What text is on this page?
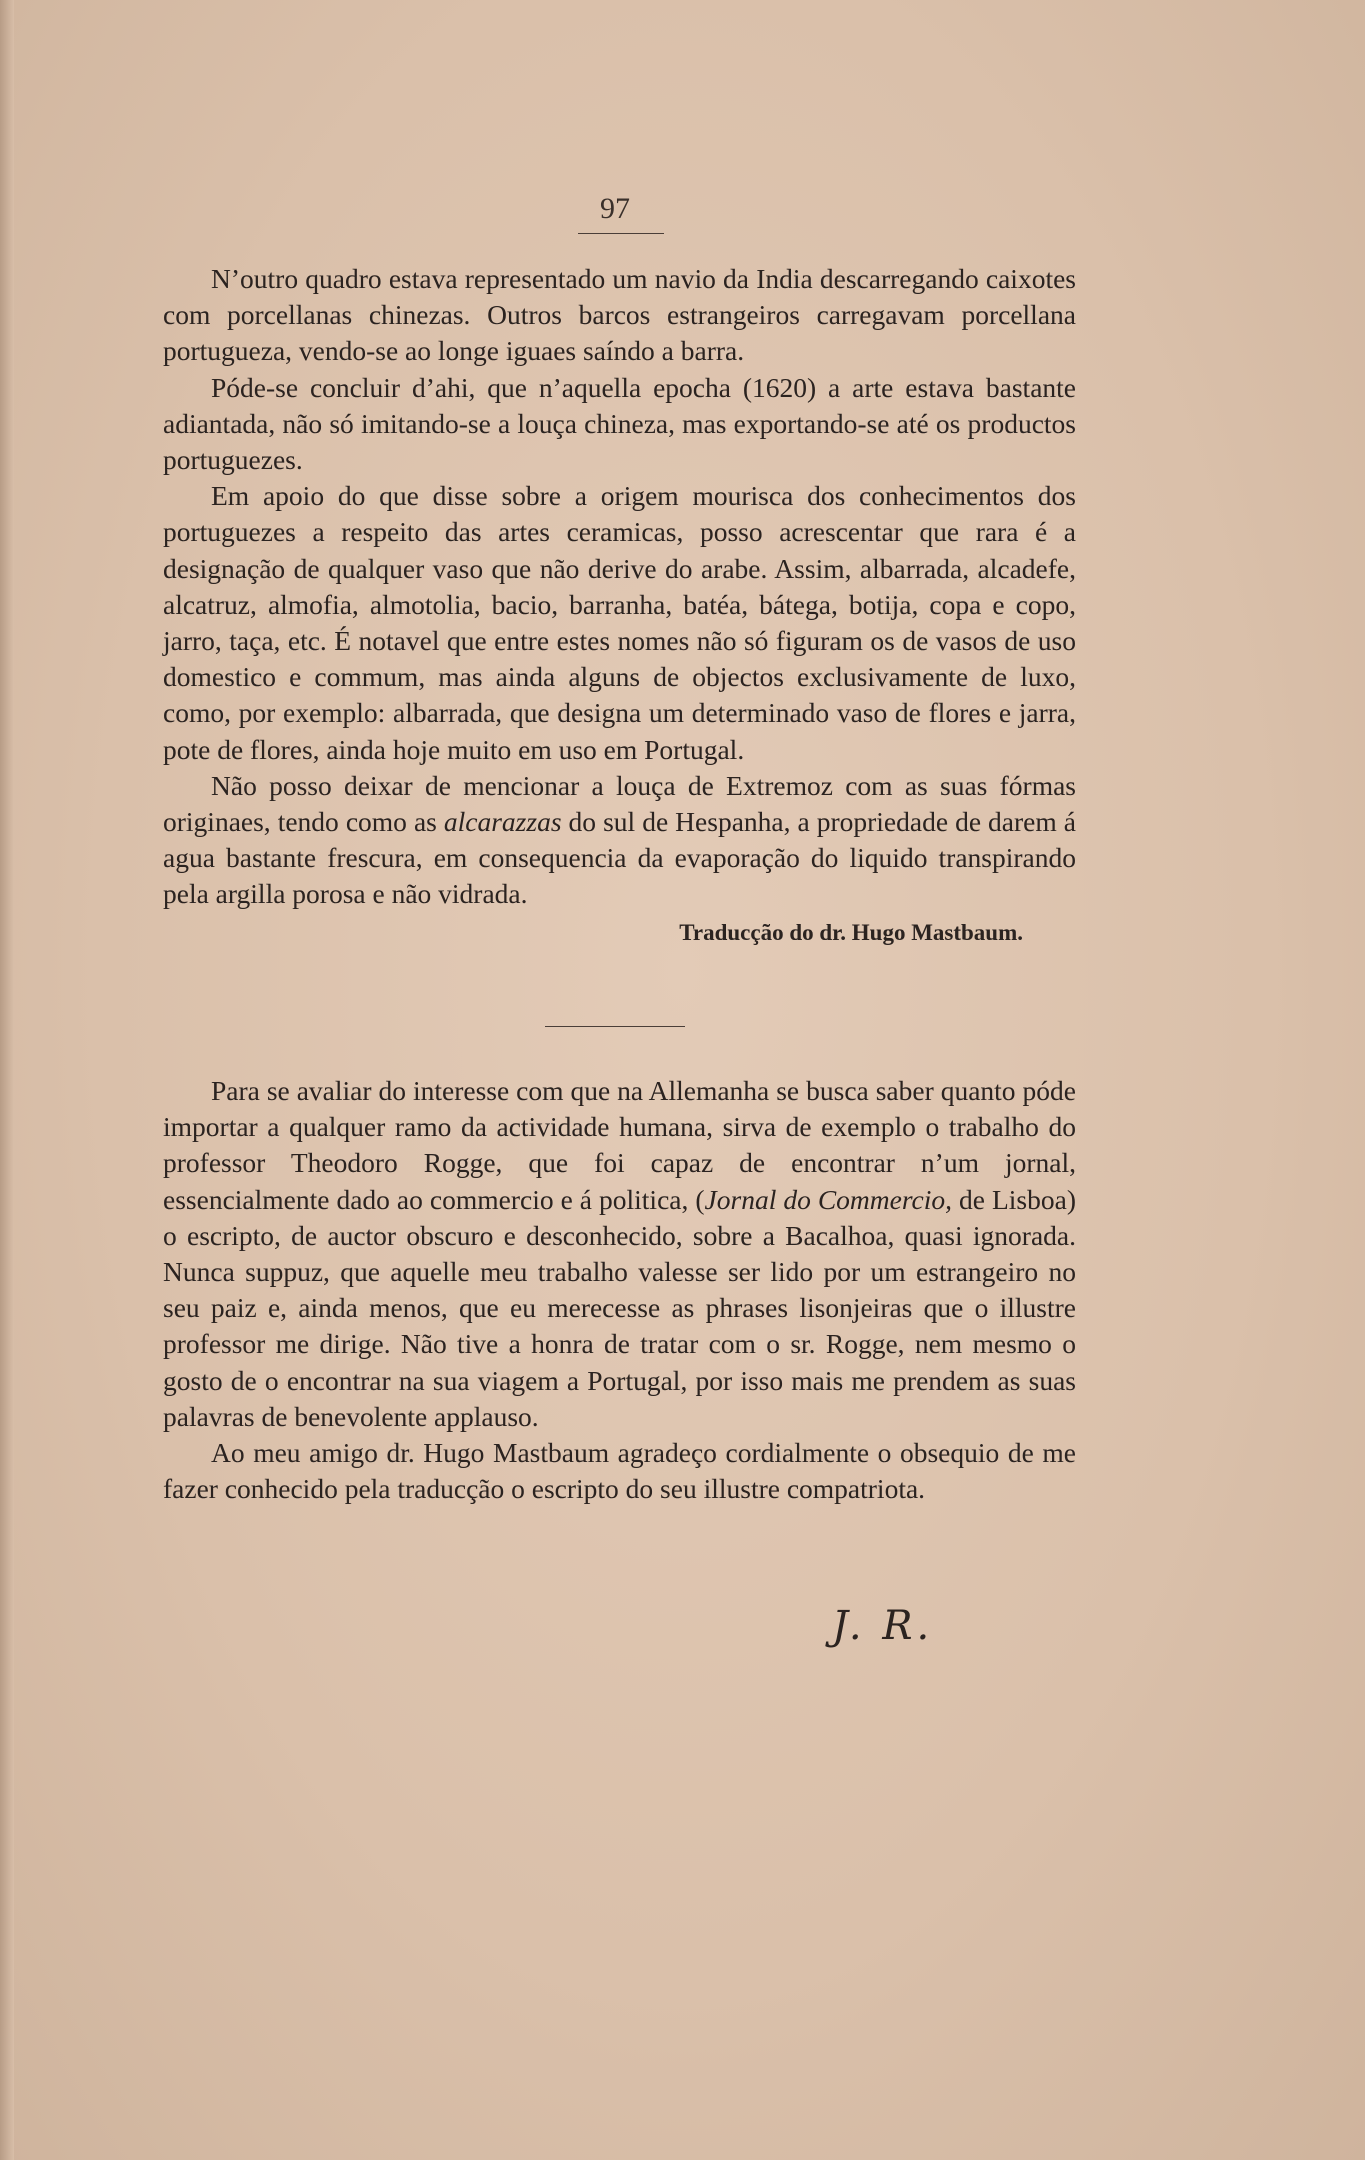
97

N’outro quadro estava representado um navio da India descarregando caixotes com porcellanas chinezas. Outros barcos estrangeiros carregavam porcellana portugueza, vendo-se ao longe iguaes saíndo a barra.

Póde-se concluir d’ahi, que n’aquella epocha (1620) a arte estava bastante adiantada, não só imitando-se a louça chineza, mas exportando-se até os productos portuguezes.

Em apoio do que disse sobre a origem mourisca dos conhecimentos dos portuguezes a respeito das artes ceramicas, posso acrescentar que rara é a designação de qualquer vaso que não derive do arabe. Assim, albarrada, alcadefe, alcatruz, almofia, almotolia, bacio, barranha, batéa, bátega, botija, copa e copo, jarro, taça, etc. É notavel que entre estes nomes não só figuram os de vasos de uso domestico e commum, mas ainda alguns de objectos exclusivamente de luxo, como, por exemplo: albarrada, que designa um determinado vaso de flores e jarra, pote de flores, ainda hoje muito em uso em Portugal.

Não posso deixar de mencionar a louça de Extremoz com as suas fórmas originaes, tendo como as alcarazzas do sul de Hespanha, a propriedade de darem á agua bastante frescura, em consequencia da evaporação do liquido transpirando pela argilla porosa e não vidrada.

Traducção do dr. Hugo Mastbaum.

Para se avaliar do interesse com que na Allemanha se busca saber quanto póde importar a qualquer ramo da actividade humana, sirva de exemplo o trabalho do professor Theodoro Rogge, que foi capaz de encontrar n’um jornal, essencialmente dado ao commercio e á politica, (Jornal do Commercio, de Lisboa) o escripto, de auctor obscuro e desconhecido, sobre a Bacalhoa, quasi ignorada. Nunca suppuz, que aquelle meu trabalho valesse ser lido por um estrangeiro no seu paiz e, ainda menos, que eu merecesse as phrases lisonjeiras que o illustre professor me dirige. Não tive a honra de tratar com o sr. Rogge, nem mesmo o gosto de o encontrar na sua viagem a Portugal, por isso mais me prendem as suas palavras de benevolente applauso.

Ao meu amigo dr. Hugo Mastbaum agradeço cordialmente o obsequio de me fazer conhecido pela traducção o escripto do seu illustre compatriota.

J. R.
